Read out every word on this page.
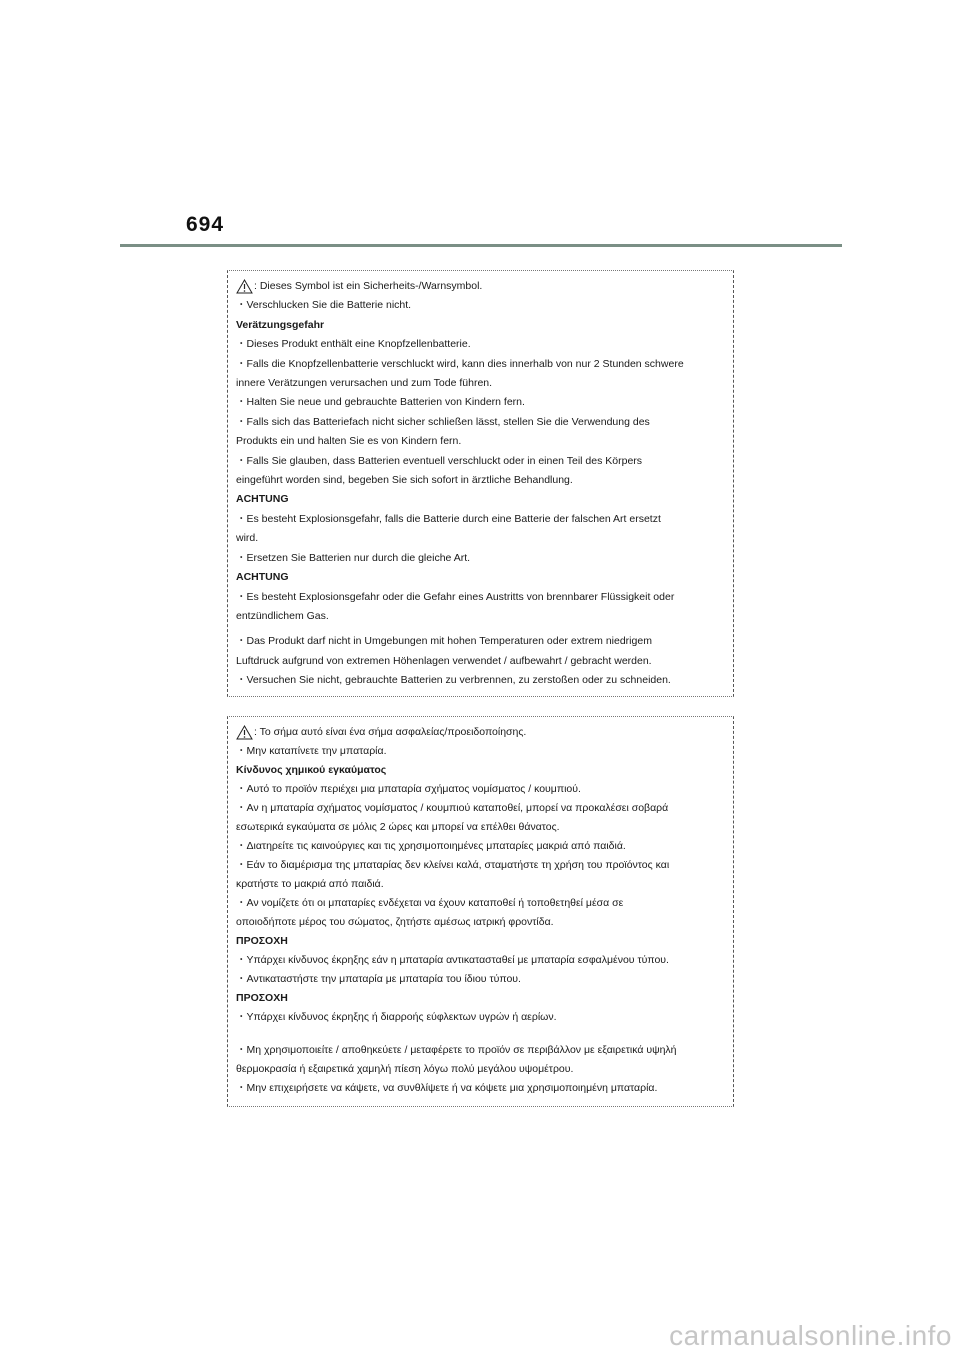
694
: Dieses Symbol ist ein Sicherheits-/Warnsymbol.
・Verschlucken Sie die Batterie nicht.
Verätzungsgefahr
・Dieses Produkt enthält eine Knopfzellenbatterie.
・Falls die Knopfzellenbatterie verschluckt wird, kann dies innerhalb von nur 2 Stunden schwere
innere Verätzungen verursachen und zum Tode führen.
・Halten Sie neue und gebrauchte Batterien von Kindern fern.
・Falls sich das Batteriefach nicht sicher schließen lässt, stellen Sie die Verwendung des
Produkts ein und halten Sie es von Kindern fern.
・Falls Sie glauben, dass Batterien eventuell verschluckt oder in einen Teil des Körpers
eingeführt worden sind, begeben Sie sich sofort in ärztliche Behandlung.
ACHTUNG
・Es besteht Explosionsgefahr, falls die Batterie durch eine Batterie der falschen Art ersetzt
wird.
・Ersetzen Sie Batterien nur durch die gleiche Art.
ACHTUNG
・Es besteht Explosionsgefahr oder die Gefahr eines Austritts von brennbarer Flüssigkeit oder
entzündlichem Gas.
・Das Produkt darf nicht in Umgebungen mit hohen Temperaturen oder extrem niedrigem
Luftdruck aufgrund von extremen Höhenlagen verwendet / aufbewahrt / gebracht werden.
・Versuchen Sie nicht, gebrauchte Batterien zu verbrennen, zu zerstoßen oder zu schneiden.
: Το σήμα αυτό είναι ένα σήμα ασφαλείας/προειδοποίησης.
・Μην καταπίνετε την μπαταρία.
Κίνδυνος χημικού εγκαύματος
・Αυτό το προϊόν περιέχει μια μπαταρία σχήματος νομίσματος / κουμπιού.
・Αν η μπαταρία σχήματος νομίσματος / κουμπιού καταποθεί, μπορεί να προκαλέσει σοβαρά
εσωτερικά εγκαύματα σε μόλις 2 ώρες και μπορεί να επέλθει θάνατος.
・Διατηρείτε τις καινούργιες και τις χρησιμοποιημένες μπαταρίες μακριά από παιδιά.
・Εάν το διαμέρισμα της μπαταρίας δεν κλείνει καλά, σταματήστε τη χρήση του προϊόντος και
κρατήστε το μακριά από παιδιά.
・Αν νομίζετε ότι οι μπαταρίες ενδέχεται να έχουν καταποθεί ή τοποθετηθεί μέσα σε
οποιοδήποτε μέρος του σώματος, ζητήστε αμέσως ιατρική φροντίδα.
ΠΡΟΣΟΧΗ
・Υπάρχει κίνδυνος έκρηξης εάν η μπαταρία αντικατασταθεί με μπαταρία εσφαλμένου τύπου.
・Αντικαταστήστε την μπαταρία με μπαταρία του ίδιου τύπου.
ΠΡΟΣΟΧΗ
・Υπάρχει κίνδυνος έκρηξης ή διαρροής εύφλεκτων υγρών ή αερίων.
・Μη χρησιμοποιείτε / αποθηκεύετε / μεταφέρετε το προϊόν σε περιβάλλον με εξαιρετικά υψηλή
θερμοκρασία ή εξαιρετικά χαμηλή πίεση λόγω πολύ μεγάλου υψομέτρου.
・Μην επιχειρήσετε να κάψετε, να συνθλίψετε ή να κόψετε μια χρησιμοποιημένη μπαταρία.
carmanualsonline.info
